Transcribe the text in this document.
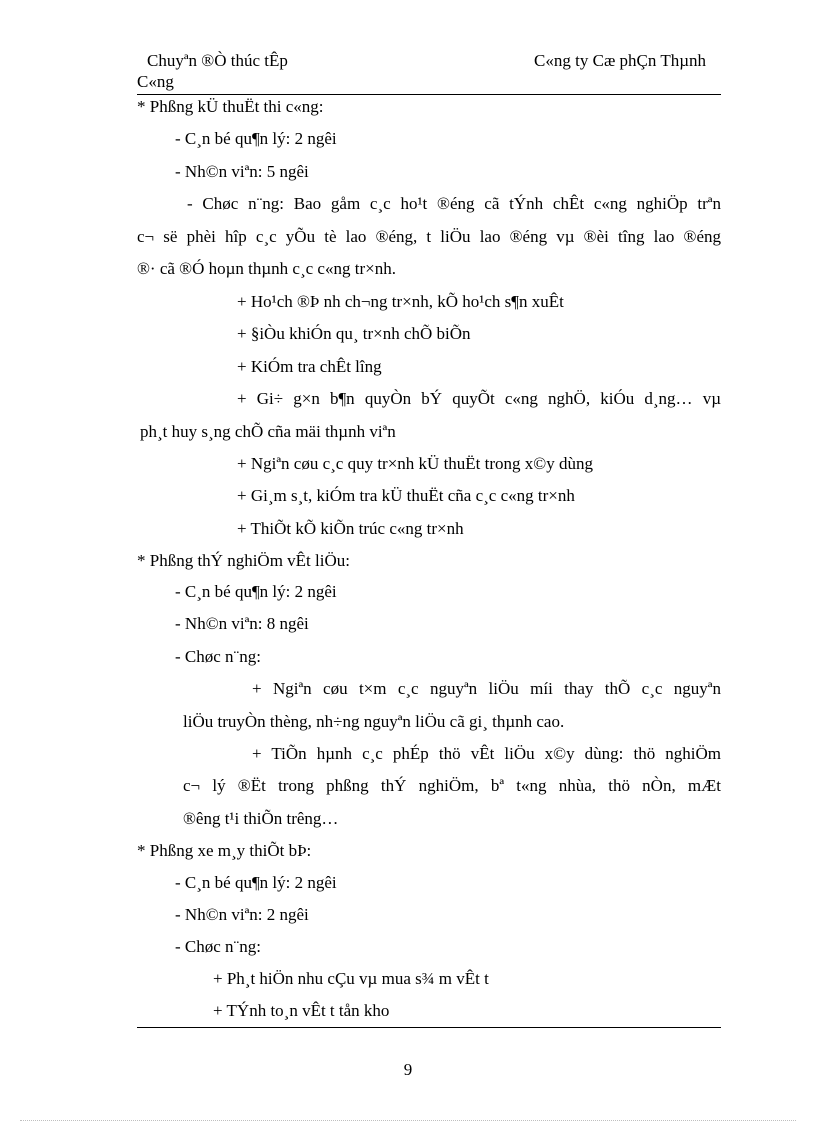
Chuyªn ®Ò thúc tÊp
C«ng
C«ng ty Cæ phÇn Thµnh
* Phßng kÜ thuËt thi c«ng:
- C¸n bé qu¶n lý: 2 ngêi
- Nh©n viªn: 5 ngêi
- Chøc n¨ng: Bao gåm c¸c ho¹t ®éng cã tÝnh chÊt c«ng nghiÖp trªn
c¬ së phèi hîp c¸c yÕu tè lao ®éng, t liÖu lao ®éng vµ ®èi tîng lao ®éng
®· cã ®Ó hoµn thµnh c¸c c«ng tr×nh.
+ Ho¹ch ®Þ nh ch¬ng tr×nh, kÕ ho¹ch s¶n xuÊt
+ §iÒu khiÓn qu¸ tr×nh chÕ biÕn
+ KiÓm tra chÊt lîng
+ Gi÷ g×n b¶n quyÒn bÝ quyÕt c«ng nghÖ, kiÓu d¸ng… vµ
ph¸t huy s¸ng chÕ cña mäi thµnh viªn
+ Ngiªn cøu c¸c quy tr×nh kÜ thuËt trong x©y dùng
+ Gi¸m s¸t, kiÓm tra kÜ thuËt cña c¸c c«ng tr×nh
+ ThiÕt kÕ kiÕn trúc c«ng tr×nh
* Phßng thÝ nghiÖm vÊt liÖu:
- C¸n bé qu¶n lý: 2 ngêi
- Nh©n viªn: 8 ngêi
- Chøc n¨ng:
+ Ngiªn cøu t×m c¸c nguyªn liÖu míi thay thÕ c¸c nguyªn
liÖu truyÒn thèng, nh÷ng nguyªn liÖu cã gi¸ thµnh cao.
+ TiÕn hµnh c¸c phÉp thö vÊt liÖu x©y dùng: thö nghiÖm
c¬ lý ®Ët trong phßng thÝ nghiÖm, bª t«ng nhùa, thö nÒn, mÆt
®êng t¹i thiÕn trêng…
* Phßng xe m¸y thiÕt bÞ:
- C¸n bé qu¶n lý: 2 ngêi
- Nh©n viªn: 2 ngêi
- Chøc n¨ng:
+ Ph¸t hiÖn nhu cÇu vµ mua s¾ m vÊt t
+ TÝnh to¸n vÊt t tån kho
9
